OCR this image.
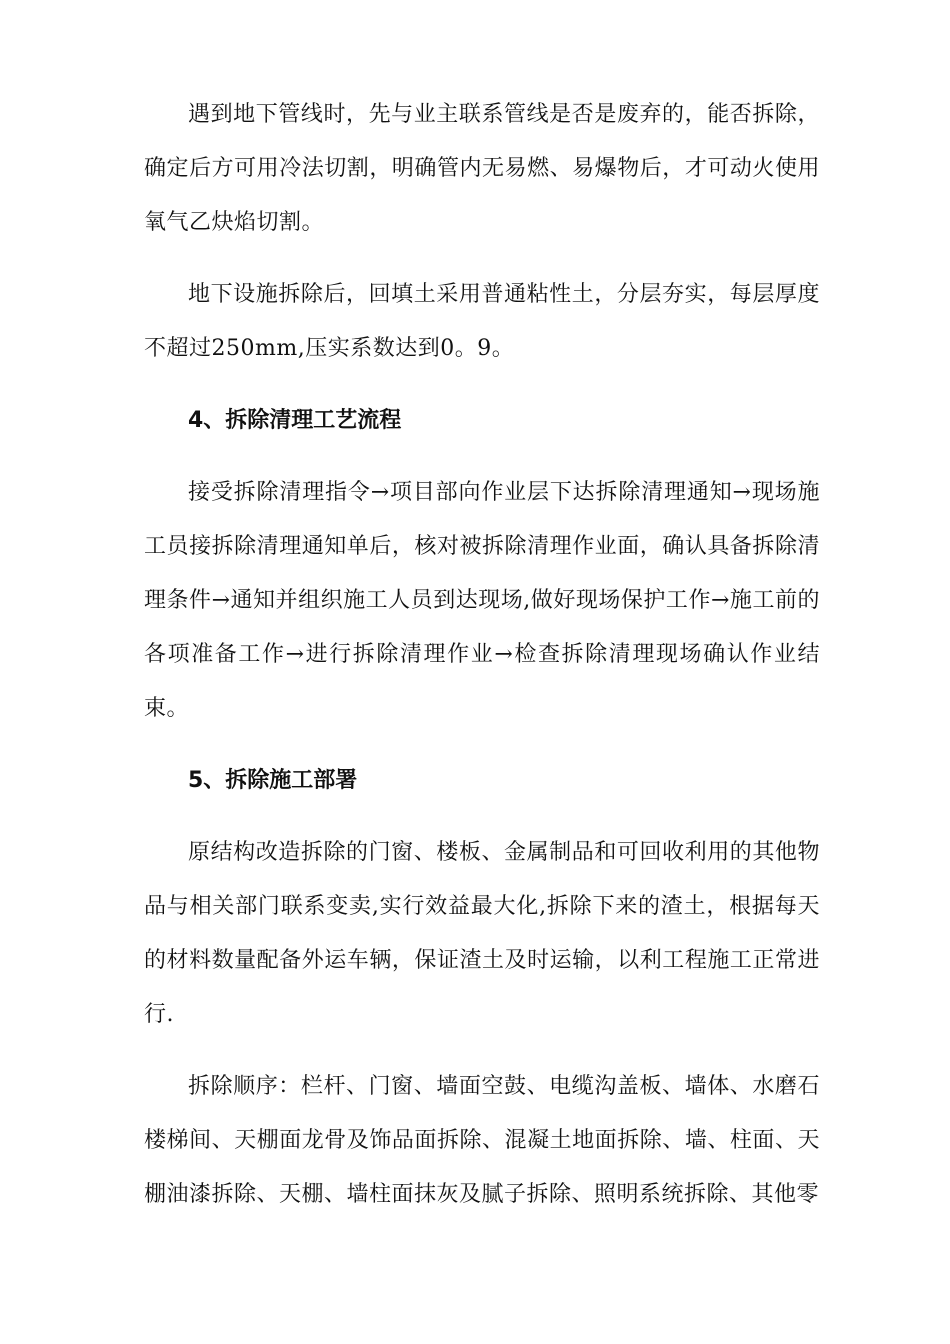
遇到地下管线时，先与业主联系管线是否是废弃的，能否拆除，确定后方可用冷法切割，明确管内无易燃、易爆物后，才可动火使用氧气乙炔焰切割。

地下设施拆除后，回填土采用普通粘性土，分层夯实，每层厚度不超过250mm,压实系数达到0。9。

4、拆除清理工艺流程

接受拆除清理指令→项目部向作业层下达拆除清理通知→现场施工员接拆除清理通知单后，核对被拆除清理作业面，确认具备拆除清理条件→通知并组织施工人员到达现场,做好现场保护工作→施工前的各项准备工作→进行拆除清理作业→检查拆除清理现场确认作业结束。

5、拆除施工部署

原结构改造拆除的门窗、楼板、金属制品和可回收利用的其他物品与相关部门联系变卖,实行效益最大化,拆除下来的渣土，根据每天的材料数量配备外运车辆，保证渣土及时运输，以利工程施工正常进行.

拆除顺序：栏杆、门窗、墙面空鼓、电缆沟盖板、墙体、水磨石楼梯间、天棚面龙骨及饰品面拆除、混凝土地面拆除、墙、柱面、天棚油漆拆除、天棚、墙柱面抹灰及腻子拆除、照明系统拆除、其他零
